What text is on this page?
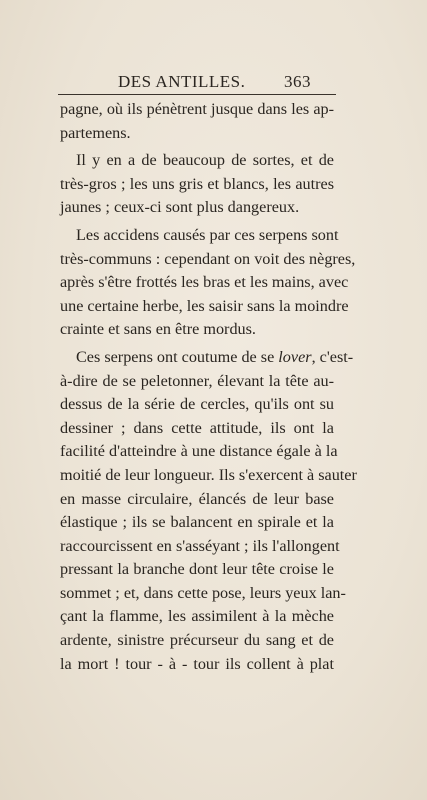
DES ANTILLES. 363
pagne, où ils pénètrent jusque dans les ap-
partemens.
Il y en a de beaucoup de sortes, et de
très-gros ; les uns gris et blancs, les autres
jaunes ; ceux-ci sont plus dangereux.
Les accidens causés par ces serpens sont
très-communs : cependant on voit des nègres,
après s'être frottés les bras et les mains, avec
une certaine herbe, les saisir sans la moindre
crainte et sans en être mordus.
Ces serpens ont coutume de se lover, c'est-
à-dire de se peletonner, élevant la tête au-
dessus de la série de cercles, qu'ils ont su
dessiner ; dans cette attitude, ils ont la
facilité d'atteindre à une distance égale à la
moitié de leur longueur. Ils s'exercent à sauter
en masse circulaire, élancés de leur base
élastique ; ils se balancent en spirale et la
raccourcissent en s'asséyant ; ils l'allongent
pressant la branche dont leur tête croise le
sommet ; et, dans cette pose, leurs yeux lan-
çant la flamme, les assimilent à la mèche
ardente, sinistre précurseur du sang et de
la mort ! tour - à - tour ils collent à plat
